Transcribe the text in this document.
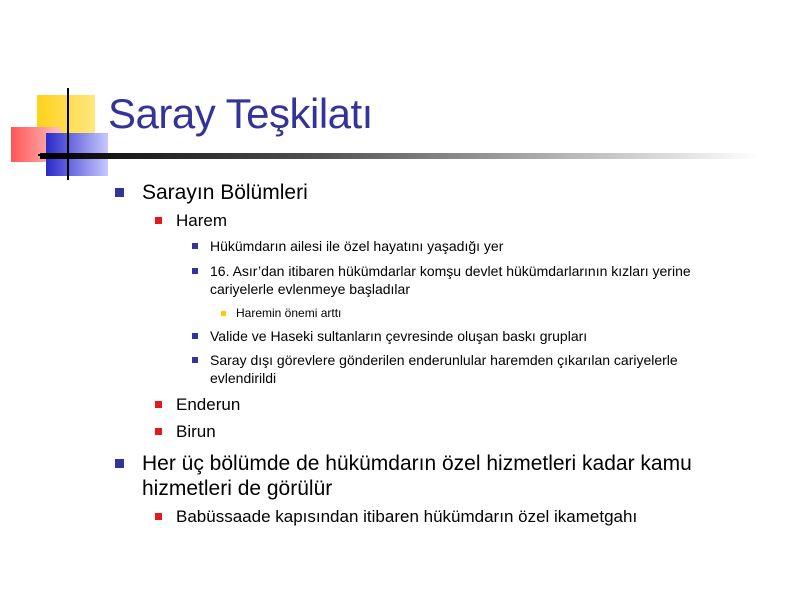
Saray Teşkilatı
Sarayın Bölümleri
Harem
Hükümdarın ailesi ile özel hayatını yaşadığı yer
16. Asır’dan itibaren hükümdarlar komşu devlet hükümdarlarının kızları yerine
cariyelerle evlenmeye başladılar
Haremin önemi arttı
Valide ve Haseki sultanların çevresinde oluşan baskı grupları
Saray dışı görevlere gönderilen enderunlular haremden çıkarılan cariyelerle
evlendirildi
Enderun
Birun
Her üç bölümde de hükümdarın özel hizmetleri kadar kamu
hizmetleri de görülür
Babüssaade kapısından itibaren hükümdarın özel ikametgahı
